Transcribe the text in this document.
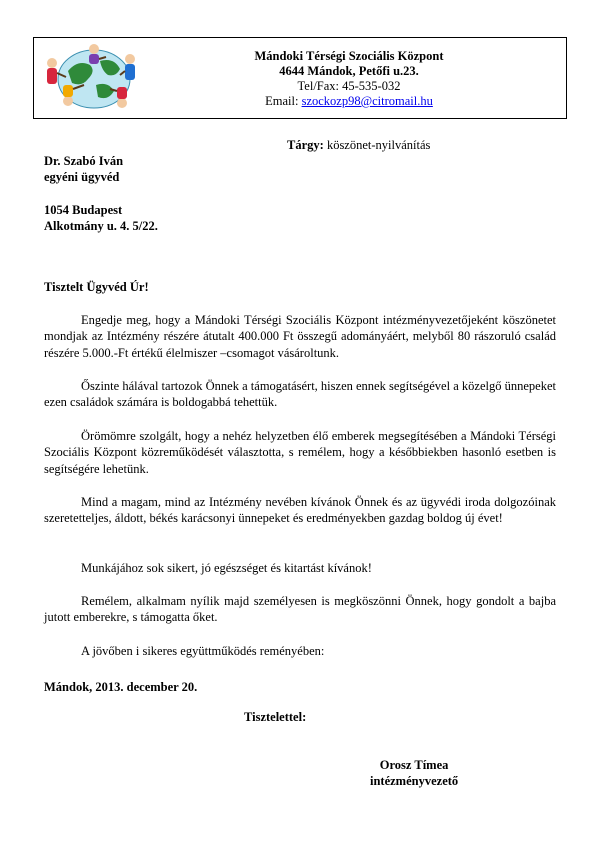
Mándoki Térségi Szociális Központ
4644 Mándok, Petőfi u.23.
Tel/Fax: 45-535-032
Email: szockozp98@citromail.hu
Tárgy: köszönet-nyilvánítás
Dr. Szabó Iván
egyéni ügyvéd
1054 Budapest
Alkotmány u. 4. 5/22.
Tisztelt Ügyvéd Úr!

Engedje meg, hogy a Mándoki Térségi Szociális Központ intézményvezetőjeként köszönetet mondjak az Intézmény részére átutalt 400.000 Ft összegű adományáért, melyből 80 rászoruló család részére 5.000.-Ft értékű élelmiszer –csomagot vásároltunk.

Őszinte hálával tartozok Önnek a támogatásért, hiszen ennek segítségével a közelgő ünnepeket ezen családok számára is boldogabbá tehettük.

Örömömre szolgált, hogy a nehéz helyzetben élő emberek megsegítésében a Mándoki Térségi Szociális Központ közreműködését választotta, s remélem, hogy a későbbiekben hasonló esetben is segítségére lehetünk.

Mind a magam, mind az Intézmény nevében kívánok Önnek és az ügyvédi iroda dolgozóinak szeretetteljes, áldott, békés karácsonyi ünnepeket és eredményekben gazdag boldog új évet!

Munkájához sok sikert, jó egészséget és kitartást kívánok!

Remélem, alkalmam nyílik majd személyesen is megköszönni Önnek, hogy gondolt a bajba jutott emberekre, s támogatta őket.

A jövőben i sikeres együttműködés reményében:

Mándok, 2013. december 20.
Tisztelettel:
Orosz Tímea
intézményvezető
